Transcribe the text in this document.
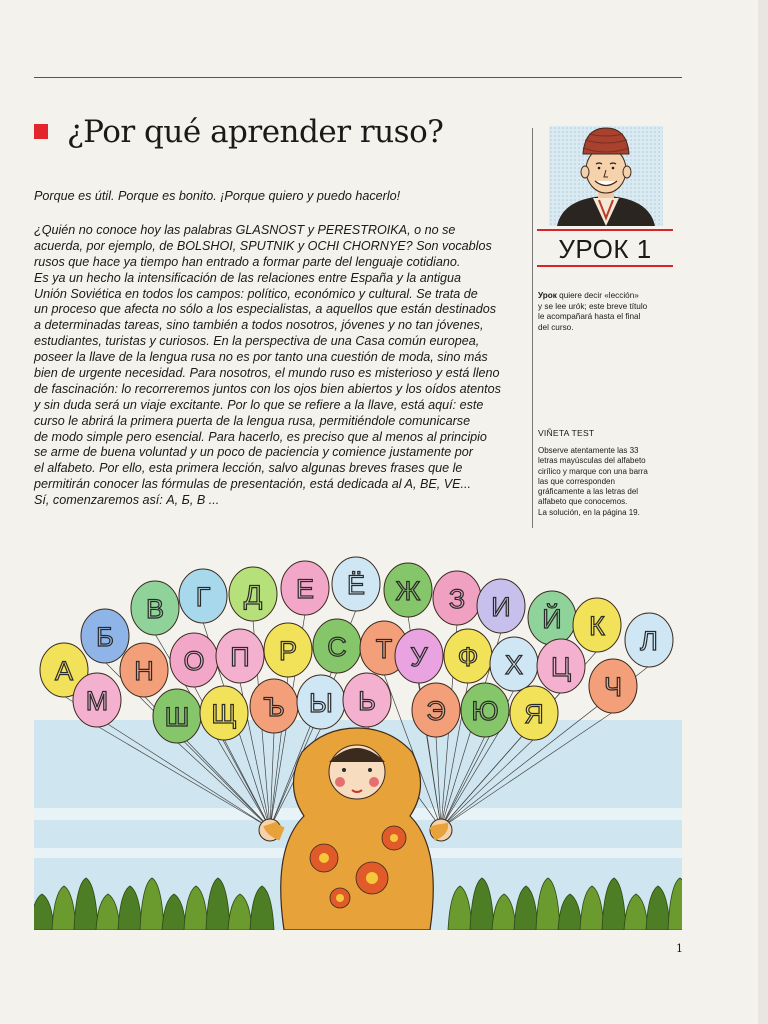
¿Por qué aprender ruso?
Porque es útil. Porque es bonito. ¡Porque quiero y puedo hacerlo!
¿Quién no conoce hoy las palabras GLASNOST y PERESTROIKA, o no se
acuerda, por ejemplo, de BOLSHOI, SPUTNIK y OCHI CHORNYE? Son vocablos
rusos que hace ya tiempo han entrado a formar parte del lenguaje cotidiano.
Es ya un hecho la intensificación de las relaciones entre España y la antigua
Unión Soviética en todos los campos: político, económico y cultural. Se trata de
un proceso que afecta no sólo a los especialistas, a aquellos que están destinados
a determinadas tareas, sino también a todos nosotros, jóvenes y no tan jóvenes,
estudiantes, turistas y curiosos. En la perspectiva de una Casa común europea,
poseer la llave de la lengua rusa no es por tanto una cuestión de moda, sino más
bien de urgente necesidad. Para nosotros, el mundo ruso es misterioso y está lleno
de fascinación: lo recorreremos juntos con los ojos bien abiertos y los oídos atentos
y sin duda será un viaje excitante. Por lo que se refiere a la llave, está aquí: este
curso le abrirá la primera puerta de la lengua rusa, permitiéndole comunicarse
de modo simple pero esencial. Para hacerlo, es preciso que al menos al principio
se arme de buena voluntad y un poco de paciencia y comience justamente por
el alfabeto. Por ello, esta primera lección, salvo algunas breves frases que le
permitirán conocer las fórmulas de presentación, está dedicada al A, BE, VE...
Sí, comenzaremos así: А, Б, В ...
УРОК 1
Урок quiere decir «lección»
y se lee urók; este breve título
le acompañará hasta el final
del curso.
VIÑETA TEST
Observe atentamente las 33
letras mayúsculas del alfabeto
cirílico y marque con una barra
las que corresponden
gráficamente a las letras del
alfabeto que conocemos.
La solución, en la página 19.
А
Б
В Г Д Е Ё Ж З И Й К Л
М
Н О П Р С Т У Ф Х Ц
Ч
Ш Щ Ъ Ы Ь Э Ю Я
1
